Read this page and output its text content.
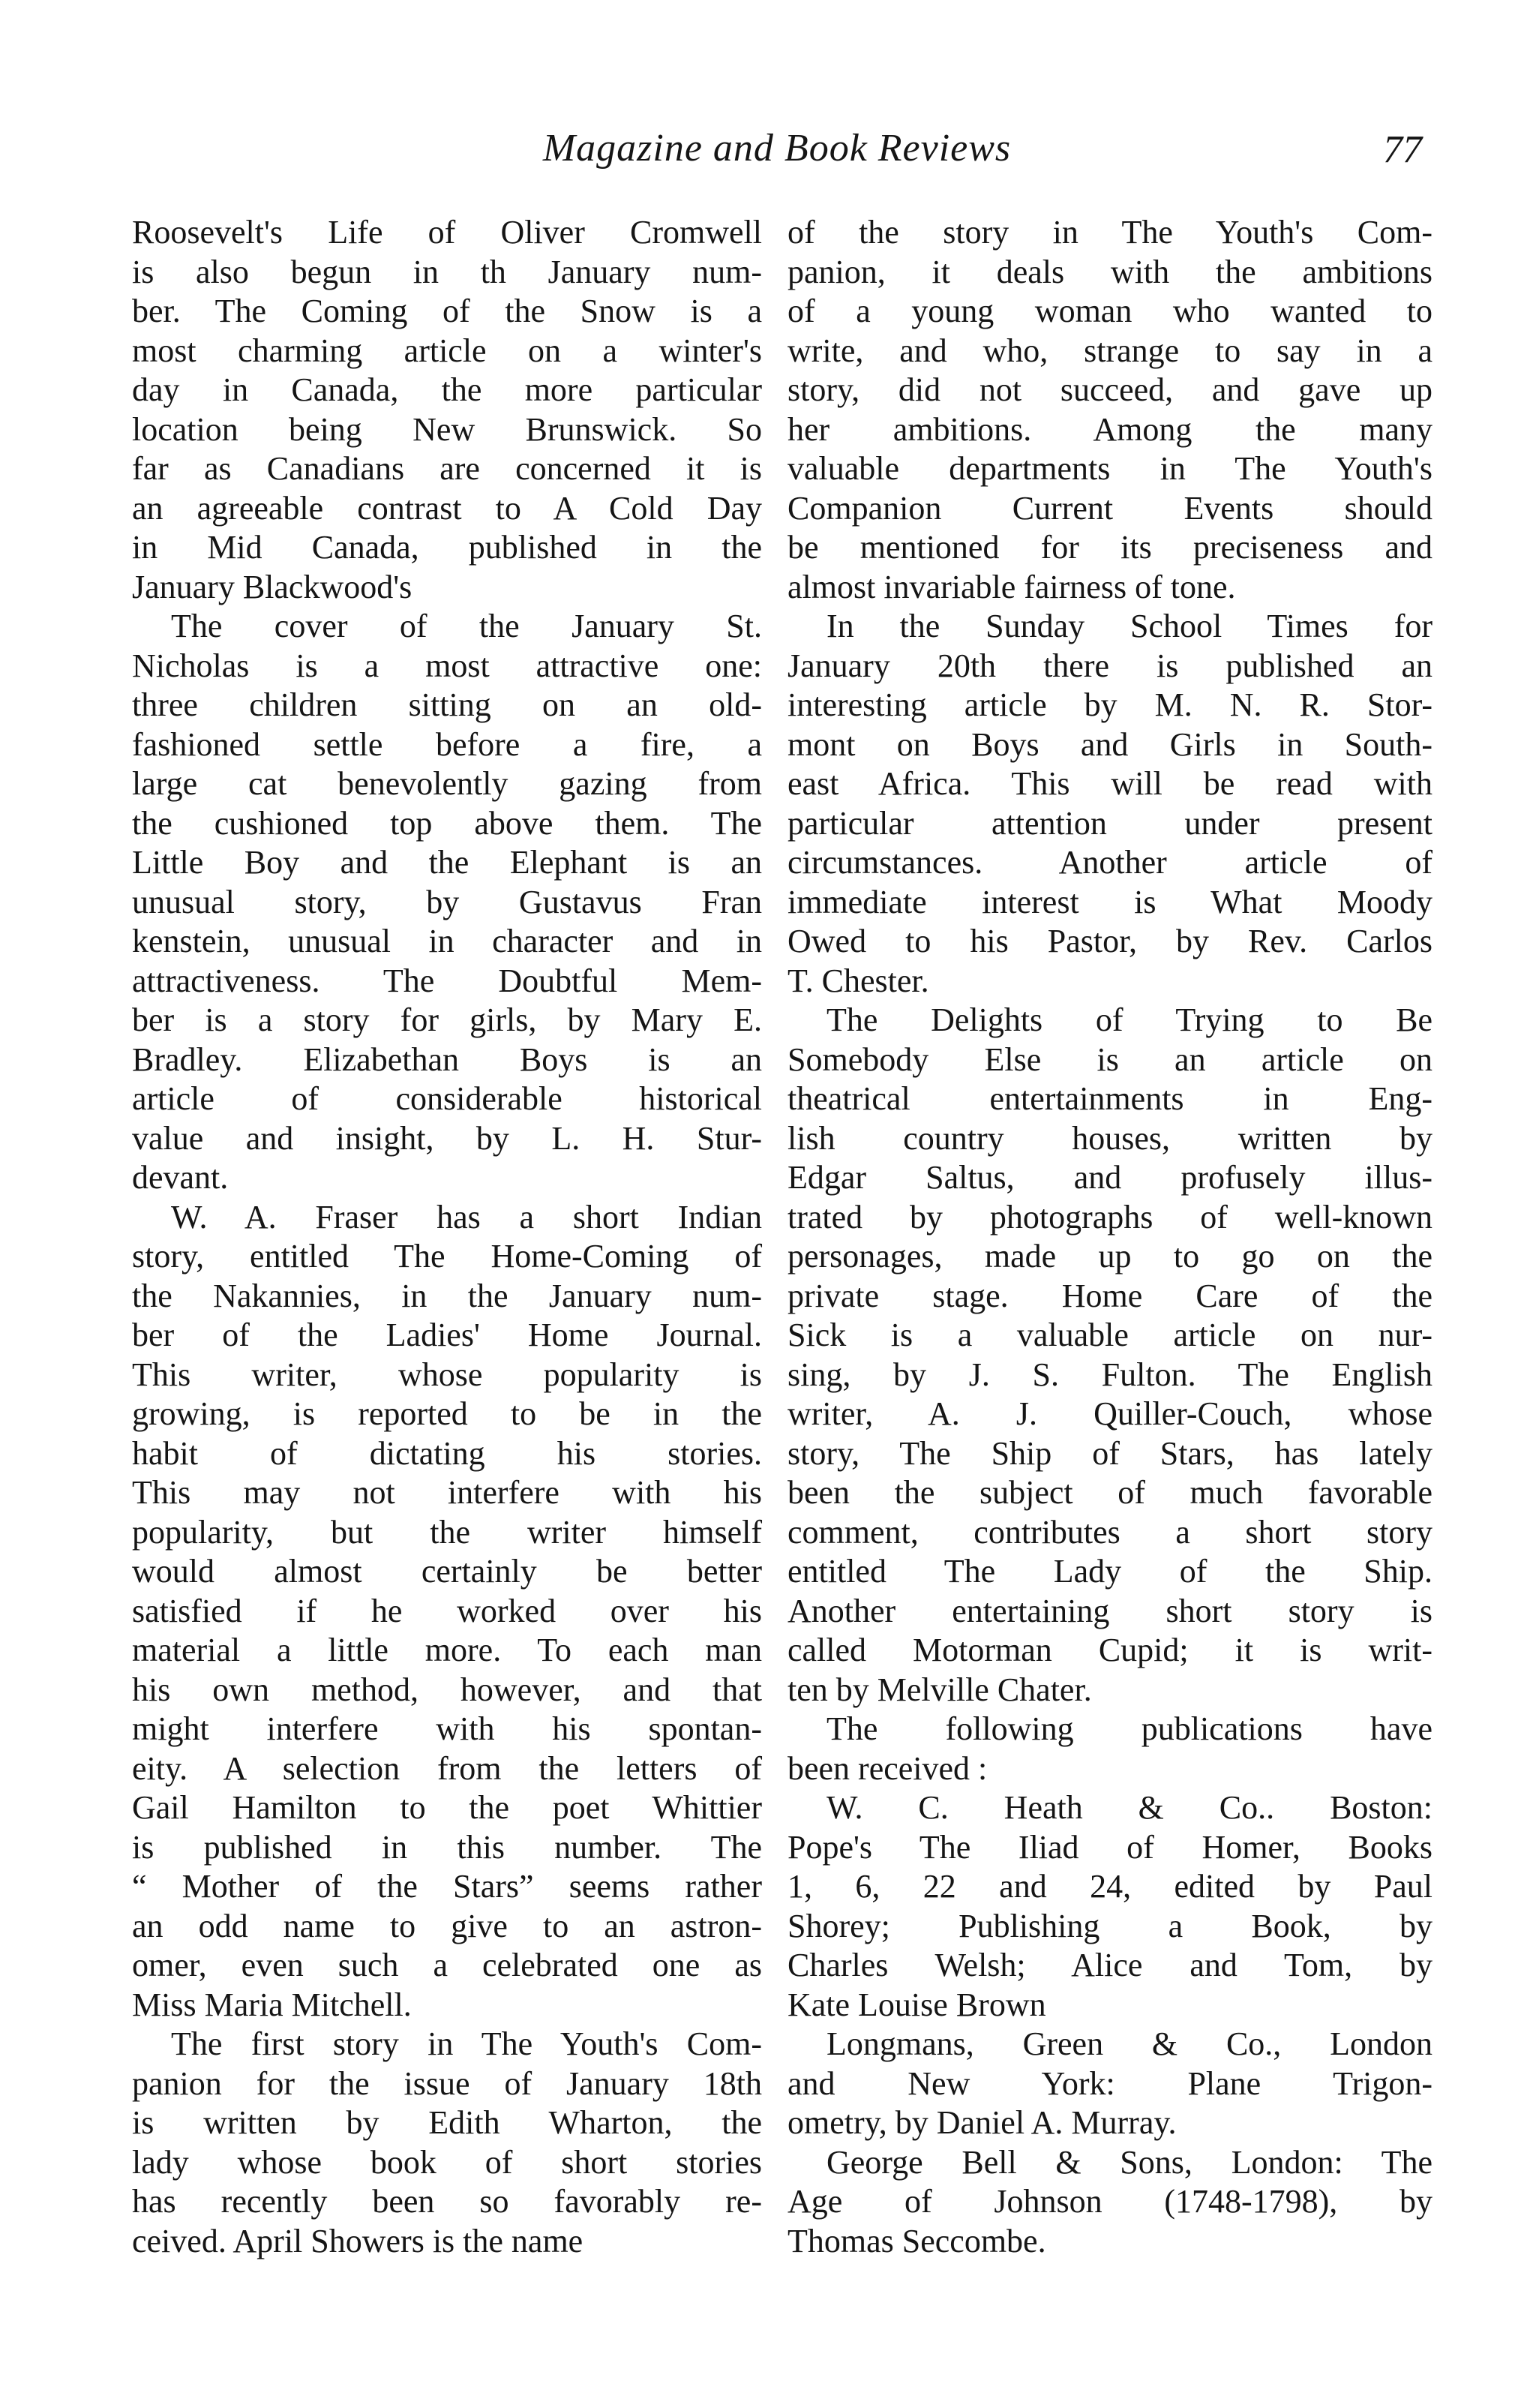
Magazine and Book Reviews	77
Roosevelt's Life of Oliver Cromwell
is also begun in th January num-
ber. The Coming of the Snow is a
most charming article on a winter's
day in Canada, the more particular
location being New Brunswick. So
far as Canadians are concerned it is
an agreeable contrast to A Cold Day
in Mid Canada, published in the
January Blackwood's
The cover of the January St.
Nicholas is a most attractive one:
three children sitting on an old-
fashioned settle before a fire, a
large cat benevolently gazing from
the cushioned top above them. The
Little Boy and the Elephant is an
unusual story, by Gustavus Fran
kenstein, unusual in character and in
attractiveness. The Doubtful Mem-
ber is a story for girls, by Mary E.
Bradley. Elizabethan Boys is an
article of considerable historical
value and insight, by L. H. Stur-
devant.
W. A. Fraser has a short Indian
story, entitled The Home-Coming of
the Nakannies, in the January num-
ber of the Ladies' Home Journal.
This writer, whose popularity is
growing, is reported to be in the
habit of dictating his stories.
This may not interfere with his
popularity, but the writer himself
would almost certainly be better
satisfied if he worked over his
material a little more. To each man
his own method, however, and that
might interfere with his spontan-
eity. A selection from the letters of
Gail Hamilton to the poet Whittier
is published in this number. The
“ Mother of the Stars” seems rather
an odd name to give to an astron-
omer, even such a celebrated one as
Miss Maria Mitchell.
The first story in The Youth's Com-
panion for the issue of January 18th
is written by Edith Wharton, the
lady whose book of short stories
has recently been so favorably re-
ceived. April Showers is the name
of the story in The Youth's Com-
panion, it deals with the ambitions
of a young woman who wanted to
write, and who, strange to say in a
story, did not succeed, and gave up
her ambitions. Among the many
valuable departments in The Youth's
Companion Current Events should
be mentioned for its preciseness and
almost invariable fairness of tone.
In the Sunday School Times for
January 20th there is published an
interesting article by M. N. R. Stor-
mont on Boys and Girls in South-
east Africa. This will be read with
particular attention under present
circumstances. Another article of
immediate interest is What Moody
Owed to his Pastor, by Rev. Carlos
T. Chester.
The Delights of Trying to Be
Somebody Else is an article on
theatrical entertainments in Eng-
lish country houses, written by
Edgar Saltus, and profusely illus-
trated by photographs of well-known
personages, made up to go on the
private stage. Home Care of the
Sick is a valuable article on nur-
sing, by J. S. Fulton. The English
writer, A. J. Quiller-Couch, whose
story, The Ship of Stars, has lately
been the subject of much favorable
comment, contributes a short story
entitled The Lady of the Ship.
Another entertaining short story is
called Motorman Cupid; it is writ-
ten by Melville Chater.
The following publications have
been received :
W. C. Heath & Co.. Boston:
Pope's The Iliad of Homer, Books
1, 6, 22 and 24, edited by Paul
Shorey; Publishing a Book, by
Charles Welsh; Alice and Tom, by
Kate Louise Brown
Longmans, Green & Co., London
and New York: Plane Trigon-
ometry, by Daniel A. Murray.
George Bell & Sons, London: The
Age of Johnson (1748-1798), by
Thomas Seccombe.
